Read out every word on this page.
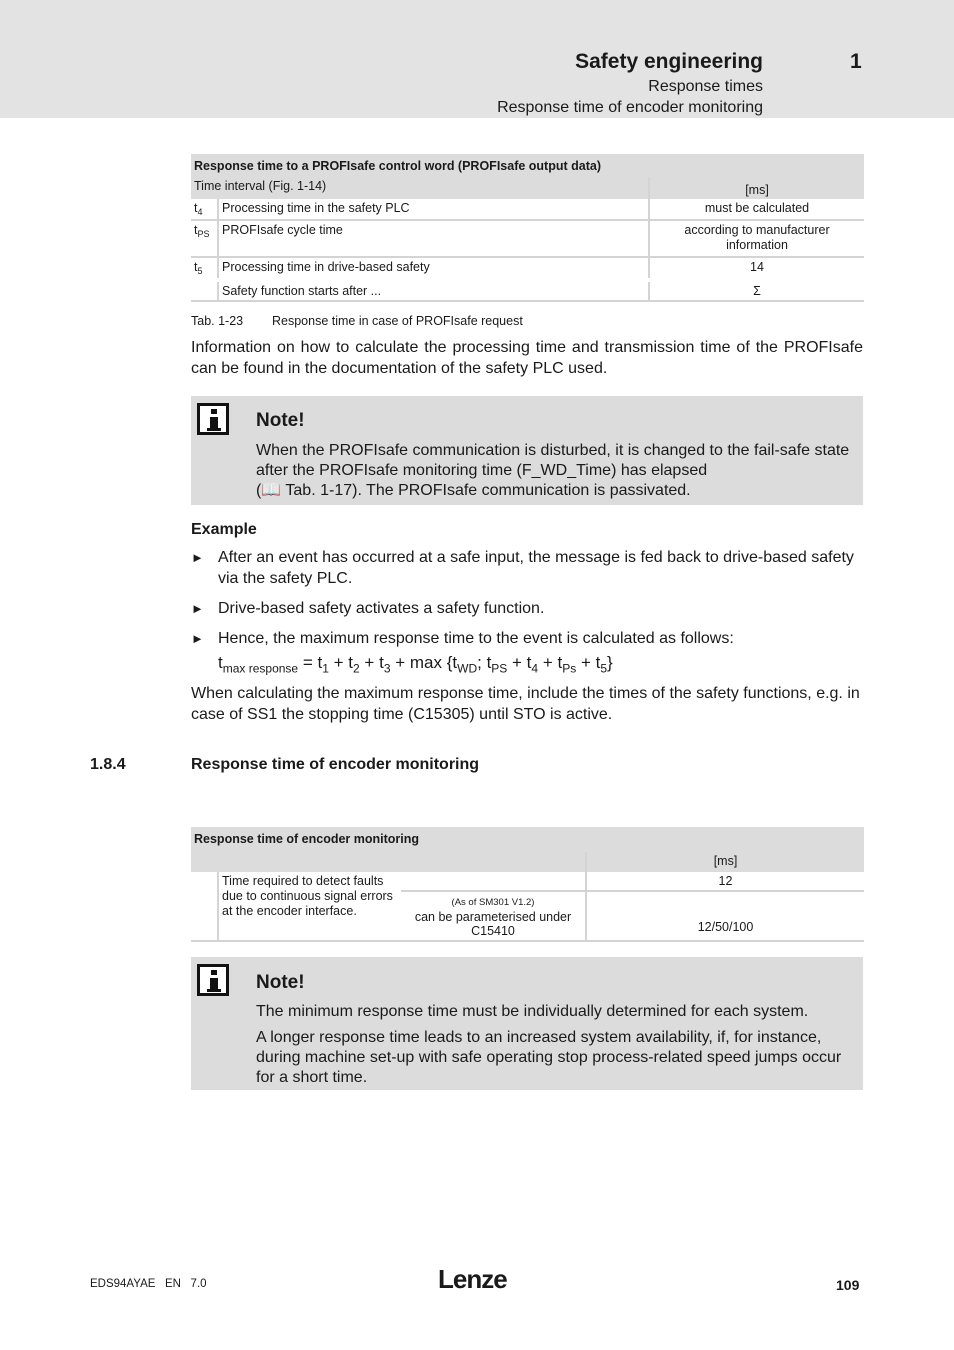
Safety engineering	1
Response times
Response time of encoder monitoring
Response time to a PROFIsafe control word (PROFIsafe output data)		
Time interval (Fig. 1-14)		[ms]
$t_4$	Processing time in the safety PLC	must be calculated
$t_{PS}$	PROFIsafe cycle time	according to manufacturer information
$t_5$	Processing time in drive-based safety	14
	Safety function starts after ...	Σ
Tab. 1-23 Response time in case of PROFIsafe request
Information on how to calculate the processing time and transmission time of the PROFIsafe can be found in the documentation of the safety PLC used.
Note!
When the PROFIsafe communication is disturbed, it is changed to the fail-safe state after the PROFIsafe monitoring time (F_WD_Time) has elapsed
(📖 Tab. 1-17). The PROFIsafe communication is passivated.
Example
► After an event has occurred at a safe input, the message is fed back to drive-based safety via the safety PLC.
► Drive-based safety activates a safety function.
► Hence, the maximum response time to the event is calculated as follows:
$t_{max response} = t_1 + t_2 + t_3 + \max \{t_{WD}$; $t_{PS} + t_4 + t_{Ps} + t_5$}
When calculating the maximum response time, include the times of the safety functions, e.g. in case of SS1 the stopping time (C15305) until STO is active.
1.8.4	Response time of encoder monitoring
Response time of encoder monitoring			
			[ms]
	Time required to detect faults due to continuous signal errors at the encoder interface.		12
		(As of SM301 V1.2)
can be parameterised under C15410	12/50/100
Note!
The minimum response time must be individually determined for each system.
A longer response time leads to an increased system availability, if, for instance, during machine set-up with safe operating stop process-related speed jumps occur for a short time.
EDS94AYAE   EN   7.0	Lenze	109
